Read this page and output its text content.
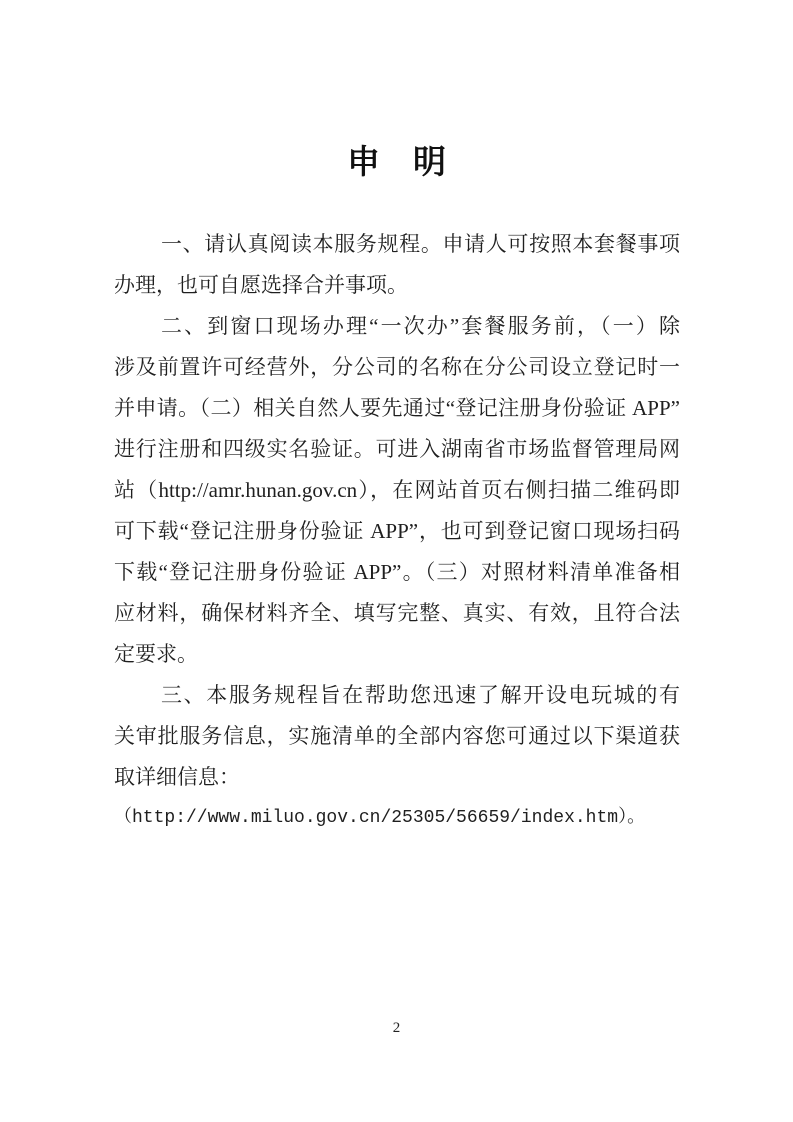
申　明
一、请认真阅读本服务规程。申请人可按照本套餐事项
办理，也可自愿选择合并事项。
二、到窗口现场办理“一次办”套餐服务前，（一）除
涉及前置许可经营外，分公司的名称在分公司设立登记时一
并申请。（二）相关自然人要先通过“登记注册身份验证 APP”
进行注册和四级实名验证。可进入湖南省市场监督管理局网
站（http://amr.hunan.gov.cn），在网站首页右侧扫描二维码即
可下载“登记注册身份验证 APP”，也可到登记窗口现场扫码
下载“登记注册身份验证 APP”。（三）对照材料清单准备相
应材料，确保材料齐全、填写完整、真实、有效，且符合法
定要求。
三、本服务规程旨在帮助您迅速了解开设电玩城的有
关审批服务信息，实施清单的全部内容您可通过以下渠道获
取详细信息：
（http://www.miluo.gov.cn/25305/56659/index.htm）。
2
